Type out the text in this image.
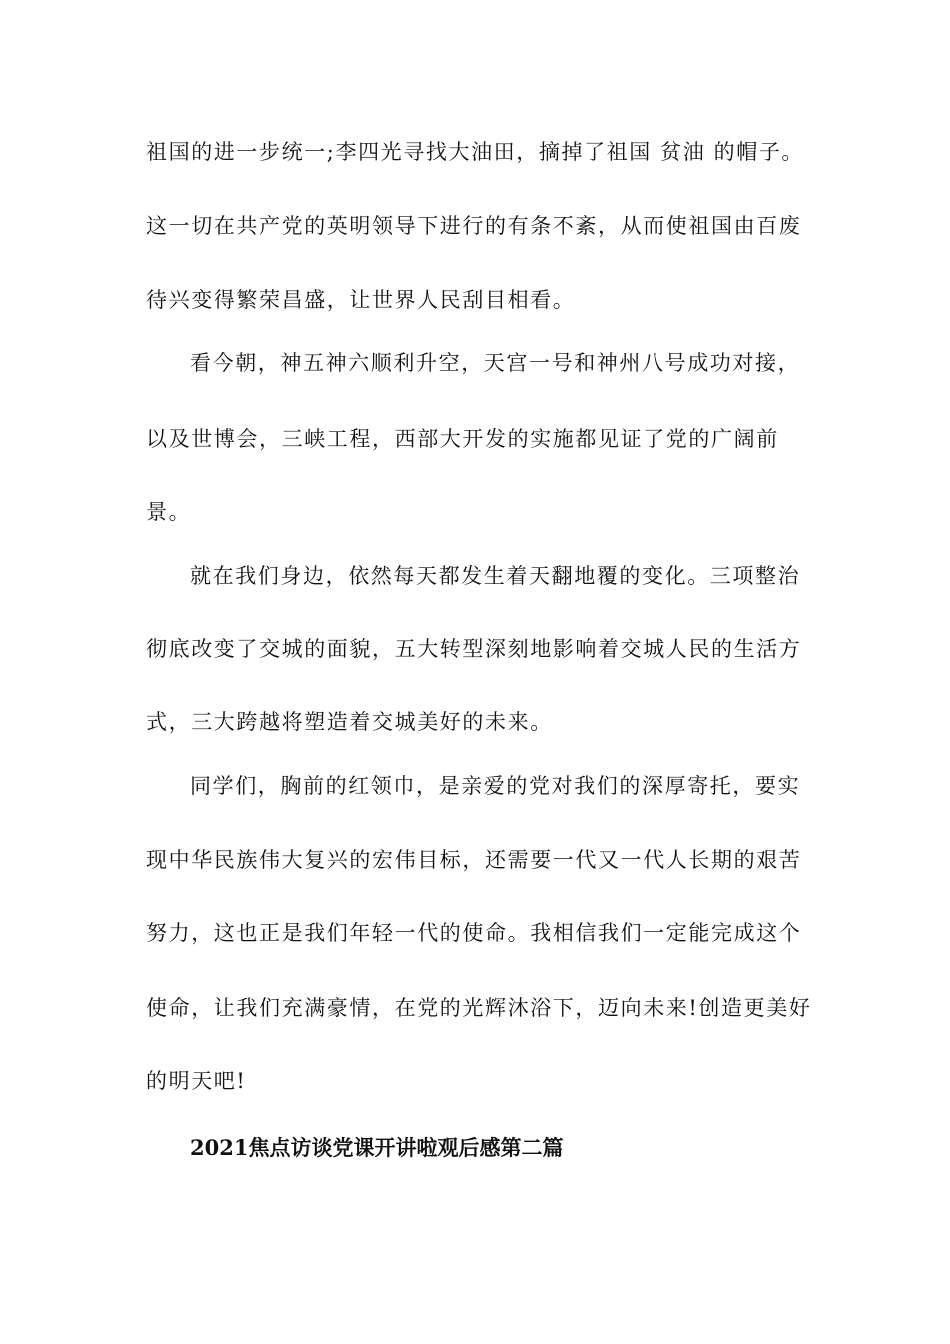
祖国的进一步统一;李四光寻找大油田，摘掉了祖国 贫油 的帽子。
这一切在共产党的英明领导下进行的有条不紊，从而使祖国由百废
待兴变得繁荣昌盛，让世界人民刮目相看。
看今朝，神五神六顺利升空，天宫一号和神州八号成功对接，
以及世博会，三峡工程，西部大开发的实施都见证了党的广阔前
景。
就在我们身边，依然每天都发生着天翻地覆的变化。三项整治
彻底改变了交城的面貌，五大转型深刻地影响着交城人民的生活方
式，三大跨越将塑造着交城美好的未来。
同学们，胸前的红领巾，是亲爱的党对我们的深厚寄托，要实
现中华民族伟大复兴的宏伟目标，还需要一代又一代人长期的艰苦
努力，这也正是我们年轻一代的使命。我相信我们一定能完成这个
使命，让我们充满豪情，在党的光辉沐浴下，迈向未来!创造更美好
的明天吧!
2021焦点访谈党课开讲啦观后感第二篇
